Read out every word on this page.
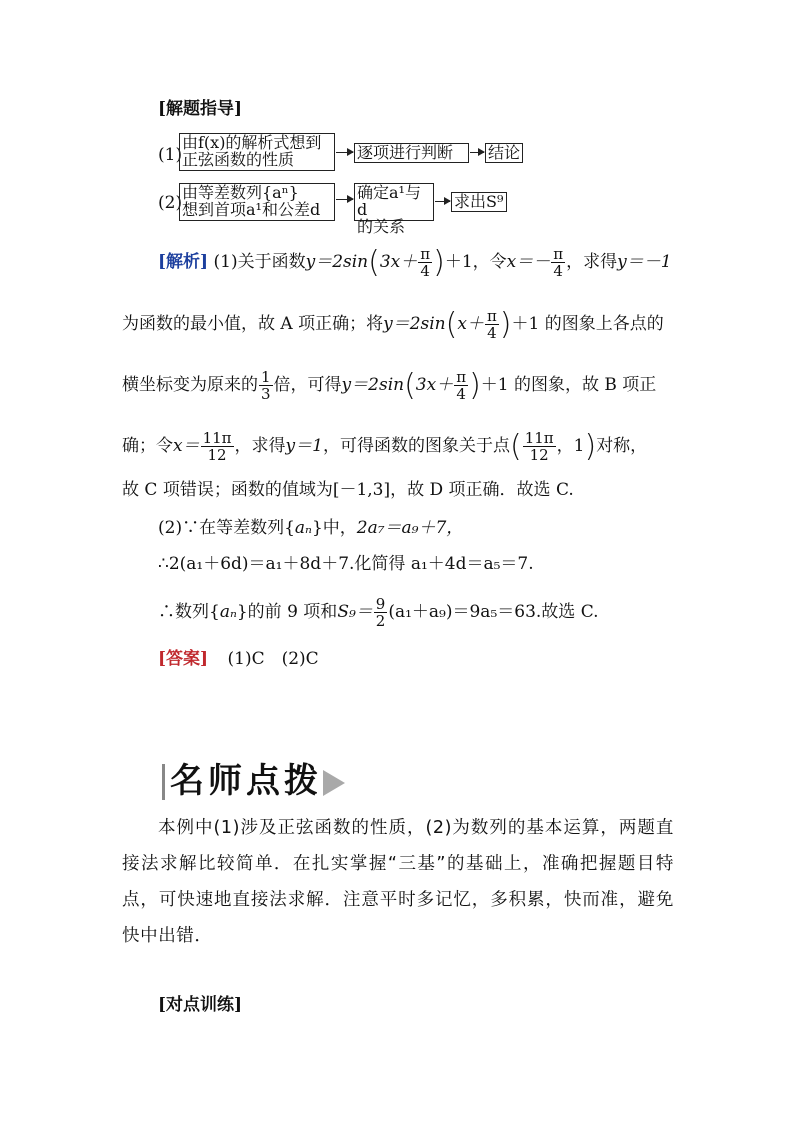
[解题指导]
(1)
由f(x)的解析式想到
正弦函数的性质	逐项进行判断	结论
(2)
由等差数列{aⁿ}
想到首项a¹和公差d
确定a¹与d
的关系
求出S⁹
[解析] (1)关于函数$y=2\sin(3x+ \frac{\pi}{4} )+1$，令$x=- \frac{\pi}{4}$ ，求得y＝－1
为函数的最小值，故 A 项正确；将$y=2\sin(x+ \frac{\pi}{4} )+1$ 的图象上各点的
横坐标变为原来的 $\frac{1}{3}$ 倍，可得$y=2\sin(3x+ \frac{\pi}{4} )+1$ 的图象，故 B 项正
确；令$x= \frac{11\pi}{12}$ ，求得y＝1，可得函数的图象关于点( $\frac{11\pi}{12}$ ，1)对称，
故 C 项错误；函数的值域为[－1,3]，故 D 项正确．故选 C.
(2)∵在等差数列{aₙ}中，2a₇＝a₉＋7，
∴2(a₁＋6d)＝a₁＋8d＋7.化简得 a₁＋4d＝a₅＝7.
∴数列{aₙ}的前 9 项和$S_9= \frac{9}{2} (a_1+a_9)=9a_5=63$.故选 C.
[答案] (1)C　(2)C
名师点拨
本例中(1)涉及正弦函数的性质，(2)为数列的基本运算，两题直接法求解比较简单．在扎实掌握“三基”的基础上，准确把握题目特点，可快速地直接法求解．注意平时多记忆，多积累，快而准，避免快中出错．
[对点训练]
